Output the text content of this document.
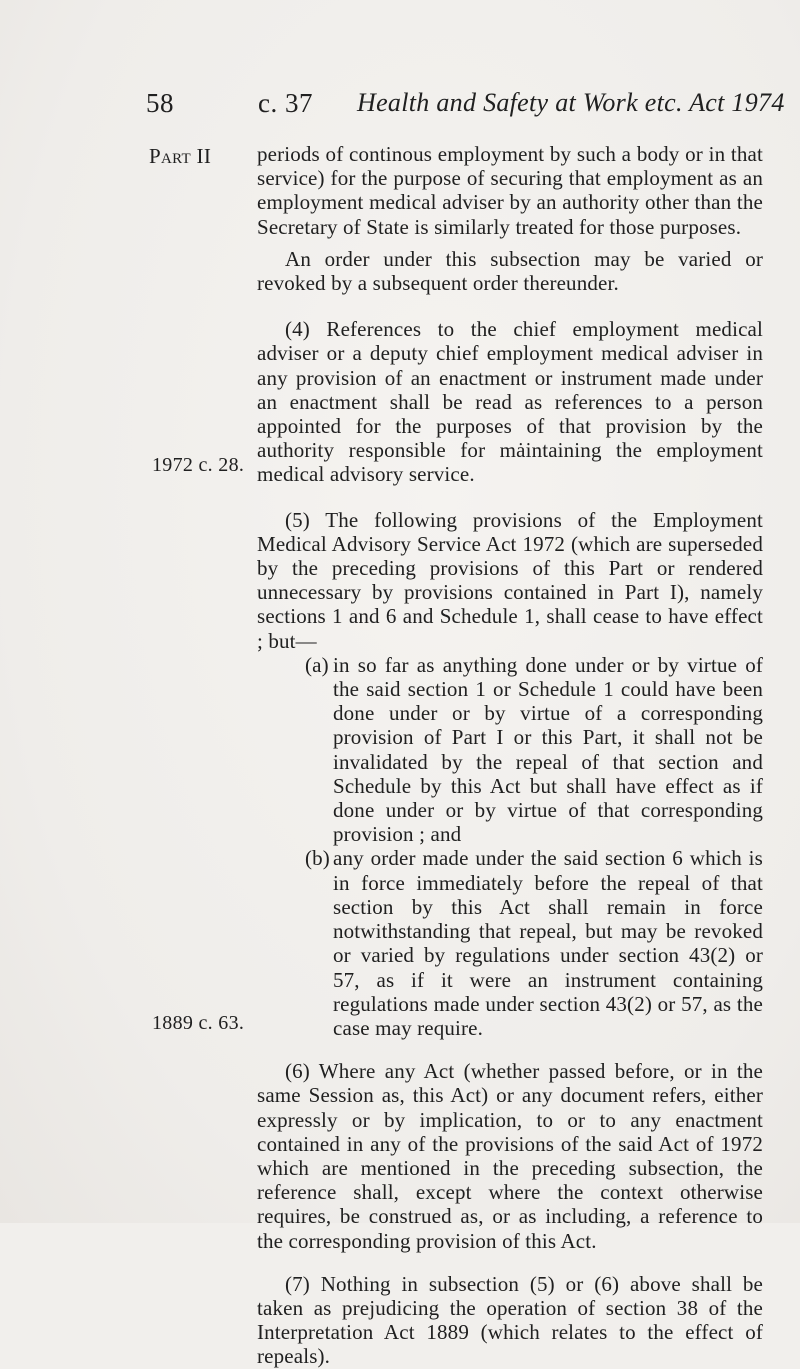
58	c. 37 Health and Safety at Work etc. Act 1974
Part II
1972 c. 28.
1889 c. 63.

periods of continous employment by such a body or in that service) for the purpose of securing that employment as an employment medical adviser by an authority other than the Secretary of State is similarly treated for those purposes.

An order under this subsection may be varied or revoked by a subsequent order thereunder.

(4) References to the chief employment medical adviser or a deputy chief employment medical adviser in any provision of an enactment or instrument made under an enactment shall be read as references to a person appointed for the purposes of that provision by the authority responsible for mȧintaining the employment medical advisory service.

(5) The following provisions of the Employment Medical Advisory Service Act 1972 (which are superseded by the preceding provisions of this Part or rendered unnecessary by provisions contained in Part I), namely sections 1 and 6 and Schedule 1, shall cease to have effect ; but—

(a) in so far as anything done under or by virtue of the said section 1 or Schedule 1 could have been done under or by virtue of a corresponding provision of Part I or this Part, it shall not be invalidated by the repeal of that section and Schedule by this Act but shall have effect as if done under or by virtue of that corresponding provision ; and

(b) any order made under the said section 6 which is in force immediately before the repeal of that section by this Act shall remain in force notwithstanding that repeal, but may be revoked or varied by regulations under section 43(2) or 57, as if it were an instrument containing regulations made under section 43(2) or 57, as the case may require.

(6) Where any Act (whether passed before, or in the same Session as, this Act) or any document refers, either expressly or by implication, to or to any enactment contained in any of the provisions of the said Act of 1972 which are mentioned in the preceding subsection, the reference shall, except where the context otherwise requires, be construed as, or as including, a reference to the corresponding provision of this Act.

(7) Nothing in subsection (5) or (6) above shall be taken as prejudicing the operation of section 38 of the Interpretation Act 1889 (which relates to the effect of repeals).
